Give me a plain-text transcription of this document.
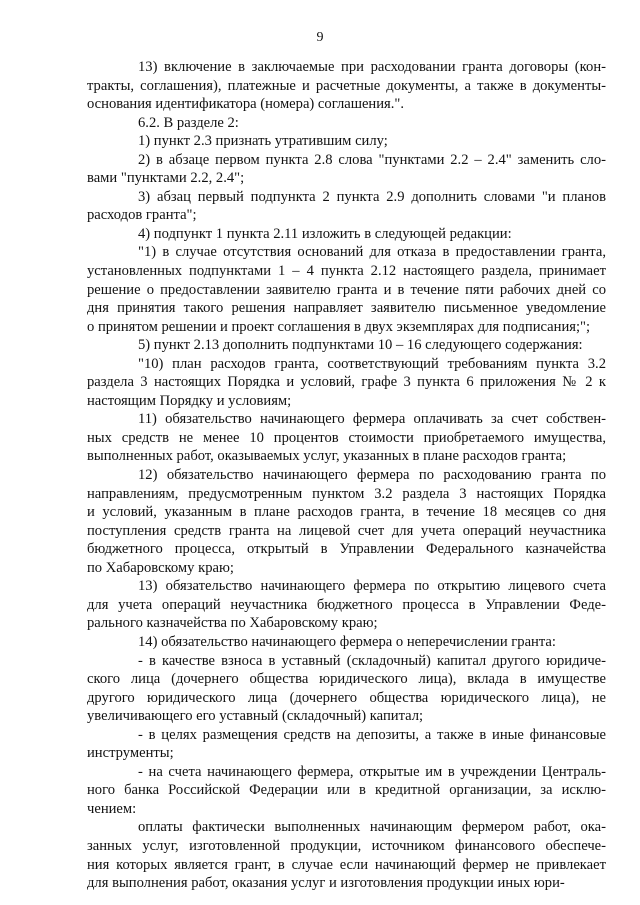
9

13) включение в заключаемые при расходовании гранта договоры (кон-
тракты, соглашения), платежные и расчетные документы, а также в документы-
основания идентификатора (номера) соглашения.".

6.2. В разделе 2:

1) пункт 2.3 признать утратившим силу;

2) в абзаце первом пункта 2.8 слова "пунктами 2.2 – 2.4" заменить сло-
вами "пунктами 2.2, 2.4";

3) абзац первый подпункта 2 пункта 2.9 дополнить словами "и планов
расходов гранта";

4) подпункт 1 пункта 2.11 изложить в следующей редакции:

"1) в случае отсутствия оснований для отказа в предоставлении гранта,
установленных подпунктами 1 – 4 пункта 2.12 настоящего раздела, принимает
решение о предоставлении заявителю гранта и в течение пяти рабочих дней со
дня принятия такого решения направляет заявителю письменное уведомление
о принятом решении и проект соглашения в двух экземплярах для подписания;";

5) пункт 2.13 дополнить подпунктами 10 – 16 следующего содержания:

"10) план расходов гранта, соответствующий требованиям пункта 3.2
раздела 3 настоящих Порядка и условий, графе 3 пункта 6 приложения № 2 к
настоящим Порядку и условиям;

11) обязательство начинающего фермера оплачивать за счет собствен-
ных средств не менее 10 процентов стоимости приобретаемого имущества,
выполненных работ, оказываемых услуг, указанных в плане расходов гранта;

12) обязательство начинающего фермера по расходованию гранта по
направлениям, предусмотренным пунктом 3.2 раздела 3 настоящих Порядка
и условий, указанным в плане расходов гранта, в течение 18 месяцев со дня
поступления средств гранта на лицевой счет для учета операций неучастника
бюджетного процесса, открытый в Управлении Федерального казначейства
по Хабаровскому краю;

13) обязательство начинающего фермера по открытию лицевого счета
для учета операций неучастника бюджетного процесса в Управлении Феде-
рального казначейства по Хабаровскому краю;

14) обязательство начинающего фермера о неперечислении гранта:

- в качестве взноса в уставный (складочный) капитал другого юридиче-
ского лица (дочернего общества юридического лица), вклада в имуществе
другого юридического лица (дочернего общества юридического лица), не
увеличивающего его уставный (складочный) капитал;

- в целях размещения средств на депозиты, а также в иные финансовые
инструменты;

- на счета начинающего фермера, открытые им в учреждении Централь-
ного банка Российской Федерации или в кредитной организации, за исклю-
чением:

оплаты фактически выполненных начинающим фермером работ, ока-
занных услуг, изготовленной продукции, источником финансового обеспече-
ния которых является грант, в случае если начинающий фермер не привлекает
для выполнения работ, оказания услуг и изготовления продукции иных юри-
